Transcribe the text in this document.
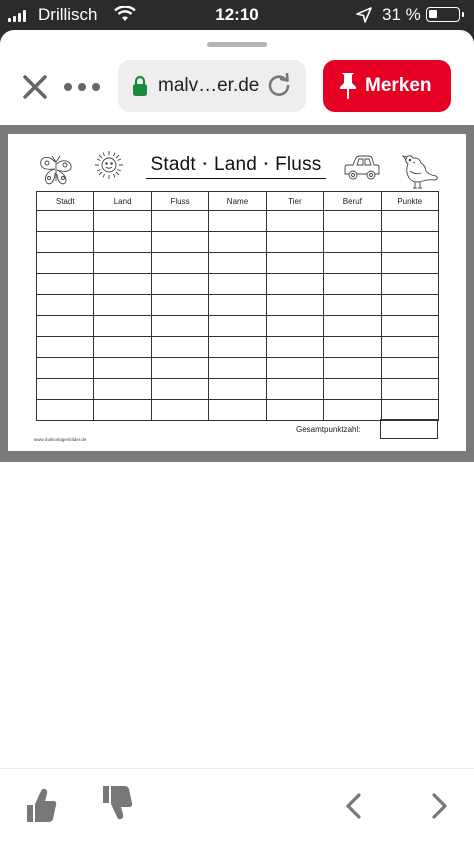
Drillisch	12:10	31 %
malv…er.de	Merken
Stadt ⋆ Land ⋆ Fluss
Stadt	Land	Fluss	Name	Tier	Beruf	Punkte

Gesamtpunktzahl:
www.malvorlagenbilder.de
